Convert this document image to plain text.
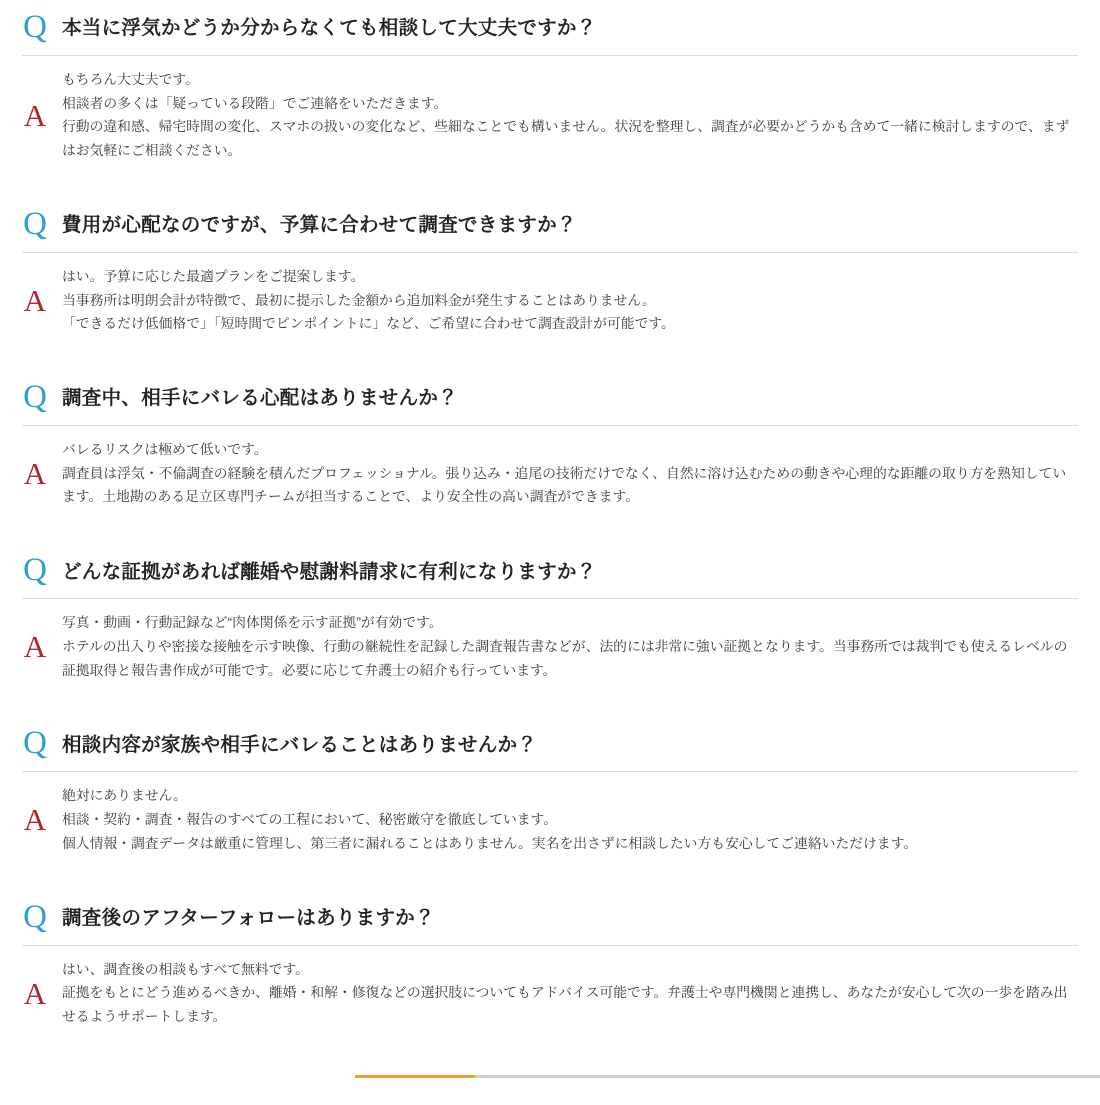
Q 本当に浮気かどうか分からなくても相談して大丈夫ですか？
A

もちろん大丈夫です。

相談者の多くは「疑っている段階」でご連絡をいただきます。

行動の違和感、帰宅時間の変化、スマホの扱いの変化など、些細なことでも構いません。状況を整理し、調査が必要かどうかも含めて一緒に検討しますので、まずはお気軽にご相談ください。

Q 費用が心配なのですが、予算に合わせて調査できますか？
A

はい。予算に応じた最適プランをご提案します。

当事務所は明朗会計が特徴で、最初に提示した金額から追加料金が発生することはありません。

「できるだけ低価格で」「短時間でピンポイントに」など、ご希望に合わせて調査設計が可能です。

Q 調査中、相手にバレる心配はありませんか？
A

バレるリスクは極めて低いです。

調査員は浮気・不倫調査の経験を積んだプロフェッショナル。張り込み・追尾の技術だけでなく、自然に溶け込むための動きや心理的な距離の取り方を熟知しています。土地勘のある足立区専門チームが担当することで、より安全性の高い調査ができます。

Q どんな証拠があれば離婚や慰謝料請求に有利になりますか？
A

写真・動画・行動記録など“肉体関係を示す証拠”が有効です。

ホテルの出入りや密接な接触を示す映像、行動の継続性を記録した調査報告書などが、法的には非常に強い証拠となります。当事務所では裁判でも使えるレベルの証拠取得と報告書作成が可能です。必要に応じて弁護士の紹介も行っています。

Q 相談内容が家族や相手にバレることはありませんか？
A

絶対にありません。

相談・契約・調査・報告のすべての工程において、秘密厳守を徹底しています。

個人情報・調査データは厳重に管理し、第三者に漏れることはありません。実名を出さずに相談したい方も安心してご連絡いただけます。

Q 調査後のアフターフォローはありますか？
A

はい、調査後の相談もすべて無料です。

証拠をもとにどう進めるべきか、離婚・和解・修復などの選択肢についてもアドバイス可能です。弁護士や専門機関と連携し、あなたが安心して次の一歩を踏み出せるようサポートします。
